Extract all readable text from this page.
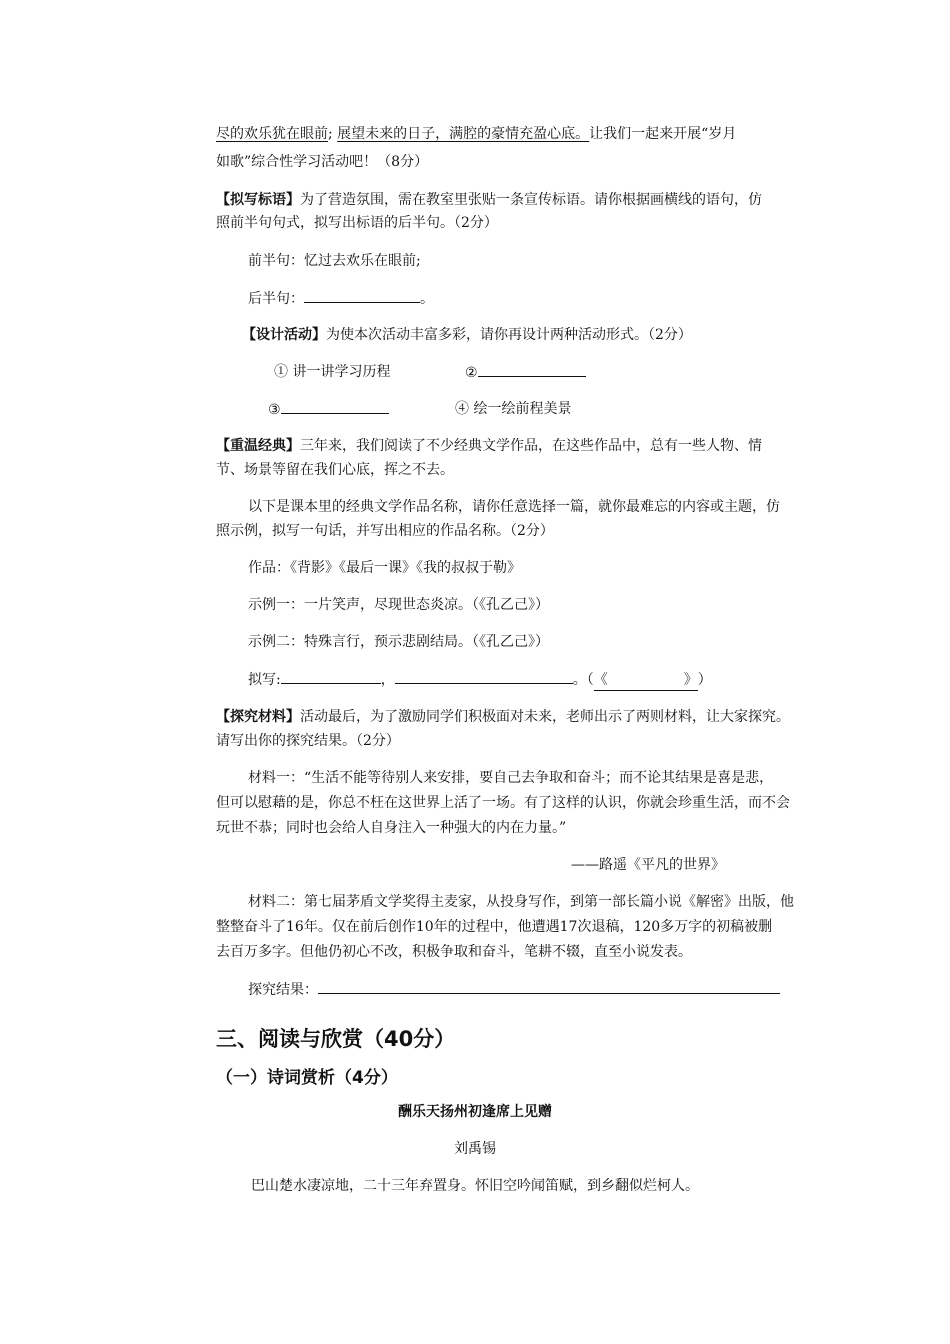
尽的欢乐犹在眼前; 展望未来的日子，满腔的豪情充盈心底。让我们一起来开展“岁月
如歌”综合性学习活动吧！（8分）
【拟写标语】为了营造氛围，需在教室里张贴一条宣传标语。请你根据画横线的语句，仿
照前半句句式，拟写出标语的后半句。（2分）
前半句：忆过去欢乐在眼前;
后半句：	。
【设计活动】为使本次活动丰富多彩，请你再设计两种活动形式。（2分）
① 讲一讲学习历程	②
③	④ 绘一绘前程美景
【重温经典】三年来，我们阅读了不少经典文学作品，在这些作品中，总有一些人物、情
节、场景等留在我们心底，挥之不去。
以下是课本里的经典文学作品名称，请你任意选择一篇，就你最难忘的内容或主题，仿
照示例，拟写一句话，并写出相应的作品名称。（2分）
作品：《背影》《最后一课》《我的叔叔于勒》
示例一：一片笑声，尽现世态炎凉。（《孔乙己》）
示例二：特殊言行，预示悲剧结局。（《孔乙己》）
拟写:	，	。（《	》 ）
【探究材料】活动最后，为了激励同学们积极面对未来，老师出示了两则材料，让大家探究。
请写出你的探究结果。（2分）
材料一：“生活不能等待别人来安排，要自己去争取和奋斗；而不论其结果是喜是悲，
但可以慰藉的是，你总不枉在这世界上活了一场。有了这样的认识，你就会珍重生活，而不会
玩世不恭；同时也会给人自身注入一种强大的内在力量。”
——路遥《平凡的世界》
材料二：第七届茅盾文学奖得主麦家，从投身写作，到第一部长篇小说《解密》出版，他
整整奋斗了16年。仅在前后创作10年的过程中，他遭遇17次退稿，120多万字的初稿被删
去百万多字。但他仍初心不改，积极争取和奋斗，笔耕不辍，直至小说发表。
探究结果：
三、阅读与欣赏（40分）
（一）诗词赏析（4分）
酬乐天扬州初逢席上见赠
刘禹锡
巴山楚水凄凉地，二十三年弃置身。怀旧空吟闻笛赋，到乡翻似烂柯人。
